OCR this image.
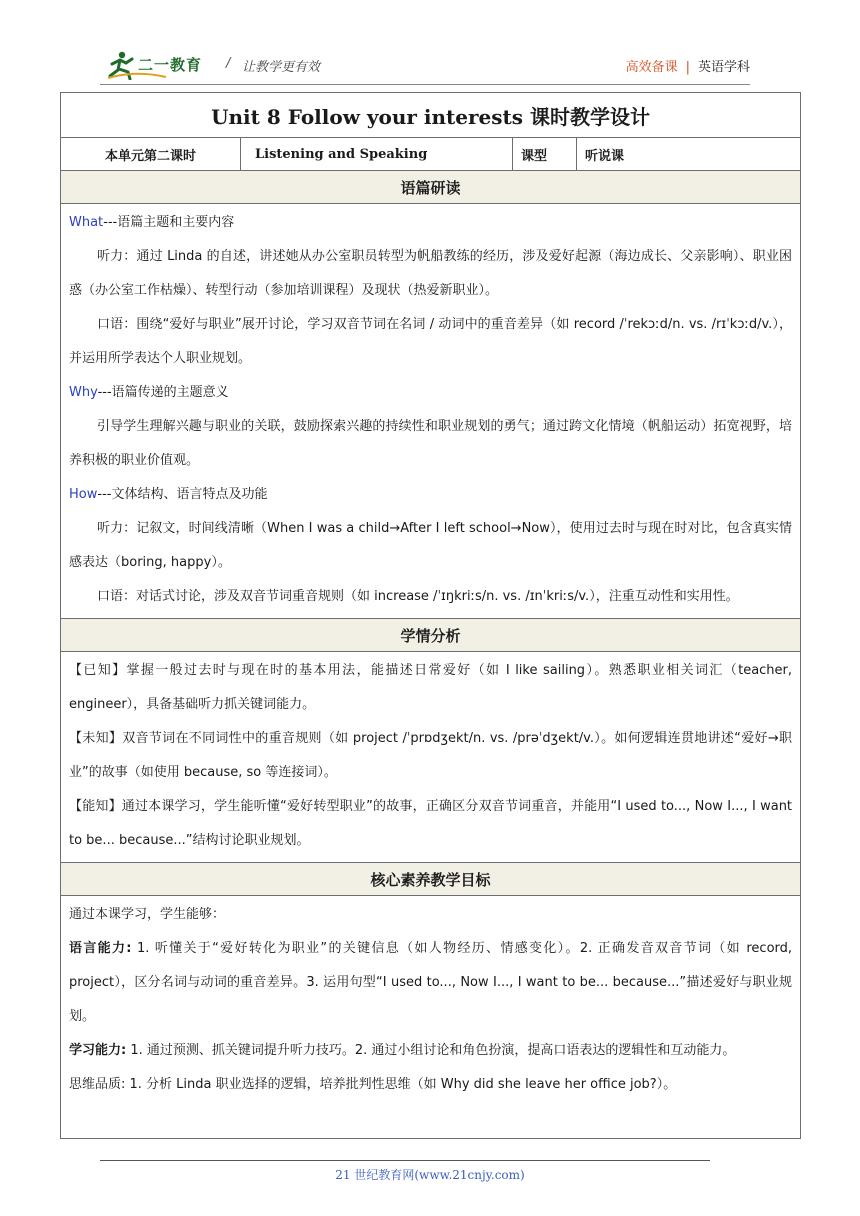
二一教育 / 让教学更有效	高效备课 | 英语学科
Unit 8 Follow your interests 课时教学设计
本单元第二课时	Listening and Speaking	课型	听说课
语篇研读

What---语篇主题和主要内容

听力：通过 Linda 的自述，讲述她从办公室职员转型为帆船教练的经历，涉及爱好起源（海边成长、父亲影响）、职业困惑（办公室工作枯燥）、转型行动（参加培训课程）及现状（热爱新职业）。

口语：围绕“爱好与职业”展开讨论，学习双音节词在名词 / 动词中的重音差异（如 record /ˈrekɔːd/n. vs. /rɪˈkɔːd/v.），并运用所学表达个人职业规划。

Why---语篇传递的主题意义

引导学生理解兴趣与职业的关联，鼓励探索兴趣的持续性和职业规划的勇气；通过跨文化情境（帆船运动）拓宽视野，培养积极的职业价值观。

How---文体结构、语言特点及功能

听力：记叙文，时间线清晰（When I was a child→After I left school→Now），使用过去时与现在时对比，包含真实情感表达（boring, happy）。

口语：对话式讨论，涉及双音节词重音规则（如 increase /ˈɪŋkriːs/n. vs. /ɪnˈkriːs/v.），注重互动性和实用性。

学情分析

【已知】掌握一般过去时与现在时的基本用法，能描述日常爱好（如 I like sailing）。熟悉职业相关词汇（teacher, engineer），具备基础听力抓关键词能力。

【未知】双音节词在不同词性中的重音规则（如 project /ˈprɒdʒekt/n. vs. /prəˈdʒekt/v.）。如何逻辑连贯地讲述“爱好→职业”的故事（如使用 because, so 等连接词）。

【能知】通过本课学习，学生能听懂“爱好转型职业”的故事，正确区分双音节词重音，并能用“I used to..., Now I..., I want to be... because...”结构讨论职业规划。

核心素养教学目标

通过本课学习，学生能够：

语言能力: 1. 听懂关于“爱好转化为职业”的关键信息（如人物经历、情感变化）。2. 正确发音双音节词（如 record, project），区分名词与动词的重音差异。3. 运用句型“I used to..., Now I..., I want to be... because...”描述爱好与职业规划。

学习能力: 1. 通过预测、抓关键词提升听力技巧。2. 通过小组讨论和角色扮演，提高口语表达的逻辑性和互动能力。

思维品质: 1. 分析 Linda 职业选择的逻辑，培养批判性思维（如 Why did she leave her office job?）。

21 世纪教育网(www.21cnjy.com)
